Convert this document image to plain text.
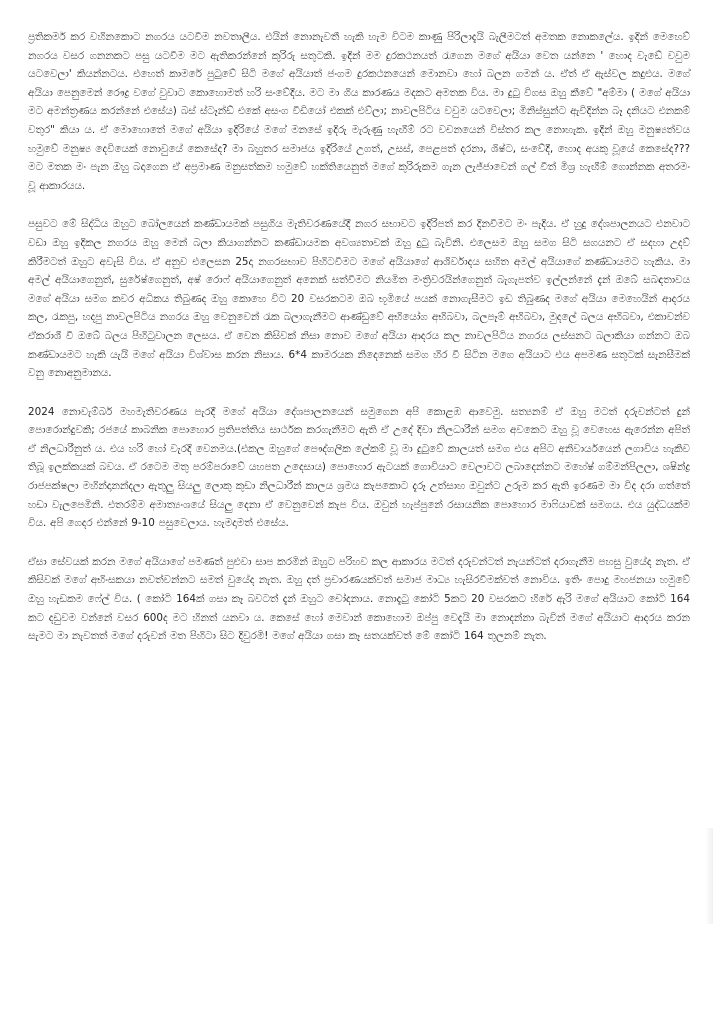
ප්‍රතිකර්ම කර වහිනකොට නගරය යටවීම නවතාලීය. එයින් නොනැවතී හැකි හැම විටම කාණු පිරිලාදැයි බැලීමටත් අමතක නොකලේය. ඉදින් මෙහෙව් නගරය වසර ගනනකට පසු යටවීම මට ඇතිකරන්නේ කුරිරු සතුටකි. ඉදින් මම දුරකථනයත් රැගෙන මගේ අයියා වෙත යන්නෙ ' හොද වැඩේ වවුම යටවෙලා' කියන්නටය. එහෙත් කාමරේ පුටුවේ සිටි මගේ අයියාත් ජංගම දුරකථනයෙන් මොනවා හෝ බලන ගමන් ය. ඒත් ඒ ඇස්වල කදුළුය. මගේ අයියා පෙනුමෙන් රෞද්‍ර වගේ වුවාට කොහොමත් හරි සංවේදීය. මට මා ගිය කාරණය මදකට අමතක විය. මා දුටු විගස ඔහු කීවේ "අම්මා ( මගේ අයියා මට අමන්ත්‍රණය කරන්නේ එසේය) බස් ස්ටෑන්ඩ් එකේ අසංග වීඩියෝ එකක් එව්ලා; නාවලපිටිය වවුම යටවෙලා; මිනිස්සුන්ට ඇවිදින්න බෑ දනියට එනකම් වතුර" කියා ය. ඒ මොහොතේ මගේ අයියා ඉදිරියේ මගේ මනසේ ඉදිරු මැරුණු හැඟීම් රට වචනයෙන් විස්තර කල නොහැක. ඉදින් ඔහු මනුෂ්‍යත්වය හමුවේ මනුෂ්‍ය දෙවියෙක් නොවුයේ කෙසේද? මා බහුතර සමාජය ඉදිරියේ උගත්, උසස්, පෙළපත් දරනා, ශිෂ්ට, සංවේදී, හොද අයකු වූයේ කෙසේද??? මට මතක මං පැන ඔහු බදාගෙන ඒ අප්‍රමාණ මනුසත්කම හමුවේ හක්තියෙනුත් මගේ කුරිරුකම ගැන ලැජ්ජාවෙන් ගල් වීත් මිශ්‍ර හැඟීම් ගොන්නක අතරමං වූ ආකාරයය.

පසුවට මේ සිද්ධිය ඔහුට බෝලයෙන් කණ්ඩායමක් පසුගිය මැතිවරණයේදී නගර සභාවට ඉදිරිපත් කර දිනවීමට මං පැදිය. ඒ හුදු දේශපාලනයට එනවාට වඩා ඔහු ඉදිකල නගරය ඔහු මෙන් බලා කියාගන්නට කණ්ඩායමක අවශ්‍යතාවක් ඔහු දුටු බැවිනි. එලෙසම ඔහු සමග සිටි සගයනට ඒ සදහා උදව් කිරීමටත් ඔහුට අවැසි විය. ඒ අනුව එලෙසන 25දා නගරසභාව පිහිටවීමට මගේ අයියාගේ ආශිර්වාදය සහිත අමල් අයියාගේ කණ්ඩායමට හැකිය. මා අමල් අයියාගෙනුත්, සුරේෂ්ගෙනුත්, අෂ් රොෆ් අයියාගෙනුත් අනෙක් සත්වීමට නියමිත මංත්‍රිවරයින්ගෙනුත් බැගැපත්ව ඉල්ලන්නේ දැන් ඔබේ සබඳතාවය මගේ අයියා සමග කවර අධිකය තිබුණද ඔහු කොහෙ විට 20 වසරකටම ඔබ භූමියේ පයක් නොගැසීමට ඉඩ තිබුණද මගේ අයියා මෙහෙයින් ආදරය කල, රැකපු, හදපු නාවලපිටිය නගරය ඔහු වෙනුවෙන් රැක බලාගැනීමට ආණ්ඩුවේ අභියෝග අභිබවා, බලපෑම් අභිබවා, මුදලේ බලය අභිබවා, එකාවන්ව ඒකරාශී වී ඔබේ බලය පිහිටුවාලන ලෙසය. ඒ වෙන කිසිවක් නිසා නොව මගේ අයියා ආදරය කල නාවලපිටිය නගරය ලස්සනට බලාකියා ගන්නට ඔබ කණ්ඩායමට හැකි යැයි මගේ අයියා විශ්වාස කරන නිසාය. 6*4 කාමරයක නිදෙනෙක් සමග හිර වී සිටින මගෙ අයියාට එය අපමණ සතුටක් සැනසීමක් වනු නොඅනුමානය.

2024 නොවැම්බර් මහමැතිවරණය පැරදී මගේ අයියා දේශපාලනයෙන් සමුගෙන අපි කොළඹ ආවෙමු. සත්‍යනම් ඒ ඔහු මටත් දරුවන්ටත් දුන් පොරොන්දුවකි; රජයේ කාබනික පොහොර ප්‍රතිපත්තිය සාර්ථක කරගැනීමට ඇති ඒ උදේ දිවා නිලධාරීන් සමග අවකෙට ඔහු වූ වෙහෙස ඇරෙන්න අපිත් ඒ නිලධාරීනුත් ය. එය හරි හෝ වැරදි වෙනමය.(එකල ඔහුගේ පෞද්ගලික ලේකම් වූ මා දුටුවේ කාලයත් සමග එය අපිට අනිවාර්යයෙන් ලගාවිය හැකිව තිබූ ඉලක්කයක් බවය. ඒ රටෙම මතු පරම්පරාවේ යහපත උදෙසාය) පොහොර ඇටයක් ගොවියාට වෙලාවට ලබාදෙන්නට මහේෂ් ගම්මන්පිලලා, ශෂින්ද්‍ර රාජපක්ෂලා මහින්දානන්දලා ඇතුලු සියලු ලොකු කුඩා නිලධාරීන් කාලය ශ්‍රමය කැපකොට දැරූ උත්සාහ ඔවුන්ට උරුම කර ඇති ඉරණම මා විද දරා ගත්තේ හඩා වැලපෙමිනි. එතරම්ම අමාත්‍යංශයේ සියලු දෙනා ඒ වෙනුවෙන් කැප විය. ඔවුන් හැප්පුනේ රසායනික පොහොර මාෆියාවක් සමගය. එය යුද්ධයක්ම විය. අපි ගෙදර එන්නේ 9-10 පසුවෙලාය. හැමදාමත් එසේය.

ඒසා සේවයක් කරන මගේ අයියාගේ පමණත් පුළුවා සාප කරමින් ඔහුට පරිහව කල ආකාරය මටත් දරුවන්ටත් නැයන්ටත් දරාගැනීම පහසු වුයේද නැත. ඒ කිසිවක් මගේ අභිංසකයා නවත්වන්නට සමත් වුයේද නැත. ඔහු දත් ප්‍රචාරණයක්වත් සමාජ මාධ්‍ය හැසිරවීමක්වත් නොවිය. ඉතිං පොදු මහජනයා හමුවේ ඔහු හැඩකම ෆේල් විය. ( කෝටි 164ක් ගසා කෑ බවටත් දැන් ඔහුට චෝදනාය. නොදැටු කෝටි 5කට 20 වසරකට හිරේ ඇරි මගේ අයියාට කෝටි 164 කට දඩුවම වන්නේ වසර 600ද මට හිනත් යනවා ය. කෙසේ හෝ මෙවාන් කොහොම ඔප්පු වෙදැයි මා නොදන්නා බැවින් මගේ අයියාට ආදරය කරන සැමට මා නැවතත් මගේ දරුවන් මත පිහිටා සිට දිවුරමි! මගේ අයියා ගසා කෑ සතයක්වත් මේ කෝටි 164 තුලනම් නැත.
